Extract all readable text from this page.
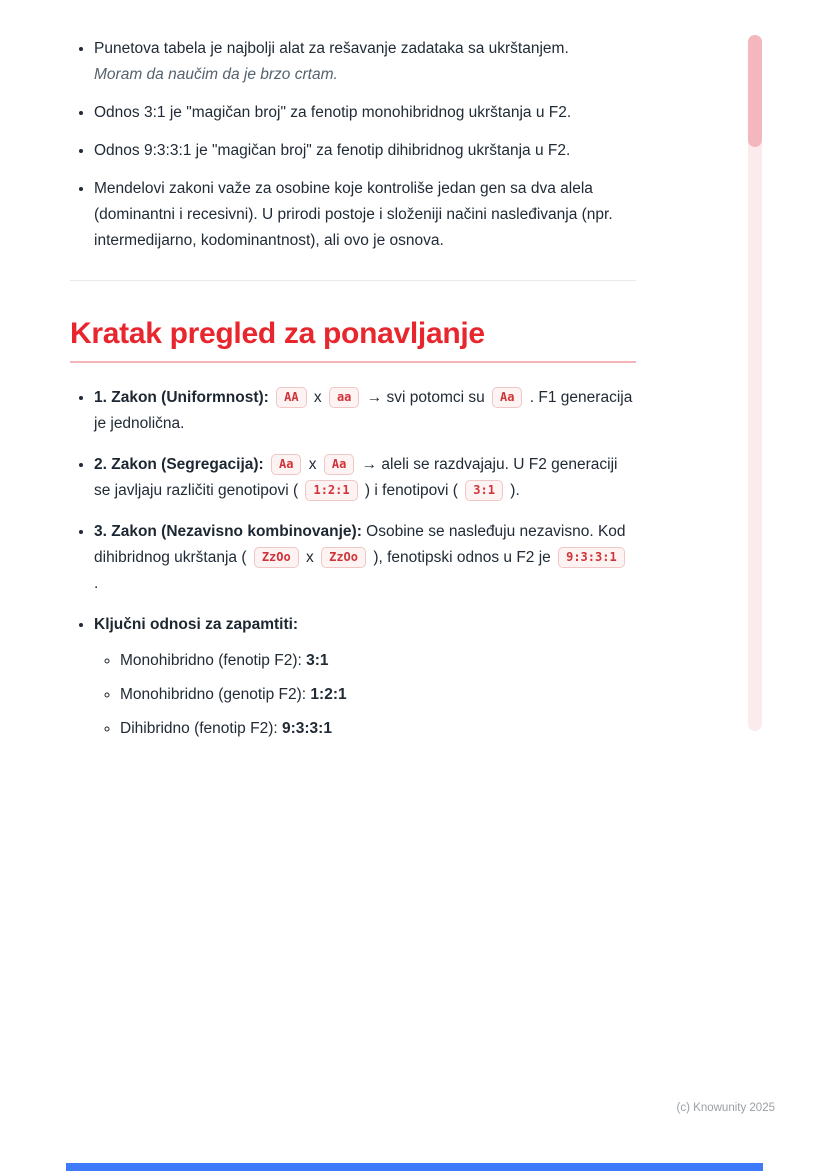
• Punetova tabela je najbolji alat za rešavanje zadataka sa ukrštanjem.
Moram da naučim da je brzo crtam.
• Odnos 3:1 je "magičan broj" za fenotip monohibridnog ukrštanja u F2.
• Odnos 9:3:3:1 je "magičan broj" za fenotip dihibridnog ukrštanja u F2.
• Mendelovi zakoni važe za osobine koje kontroliše jedan gen sa dva alela (dominantni i recesivni). U prirodi postoje i složeniji načini nasleđivanja (npr. intermedijarno, kodominantnost), ali ovo je osnova.
Kratak pregled za ponavljanje
• 1. Zakon (Uniformnost): AA x aa → svi potomci su Aa . F1 generacija je jednolična.
• 2. Zakon (Segregacija): Aa x Aa → aleli se razdvajaju. U F2 generaciji se javljaju različiti genotipovi ( 1:2:1 ) i fenotipovi ( 3:1 ).
• 3. Zakon (Nezavisno kombinovanje): Osobine se nasleđuju nezavisno. Kod dihibridnog ukrštanja ( ZzOo x ZzOo ), fenotipski odnos u F2 je 9:3:3:1 .
• Ključni odnosi za zapamtiti:
◦ Monohibridno (fenotip F2): 3:1
◦ Monohibridno (genotip F2): 1:2:1
◦ Dihibridno (fenotip F2): 9:3:3:1
(c) Knowunity 2025
